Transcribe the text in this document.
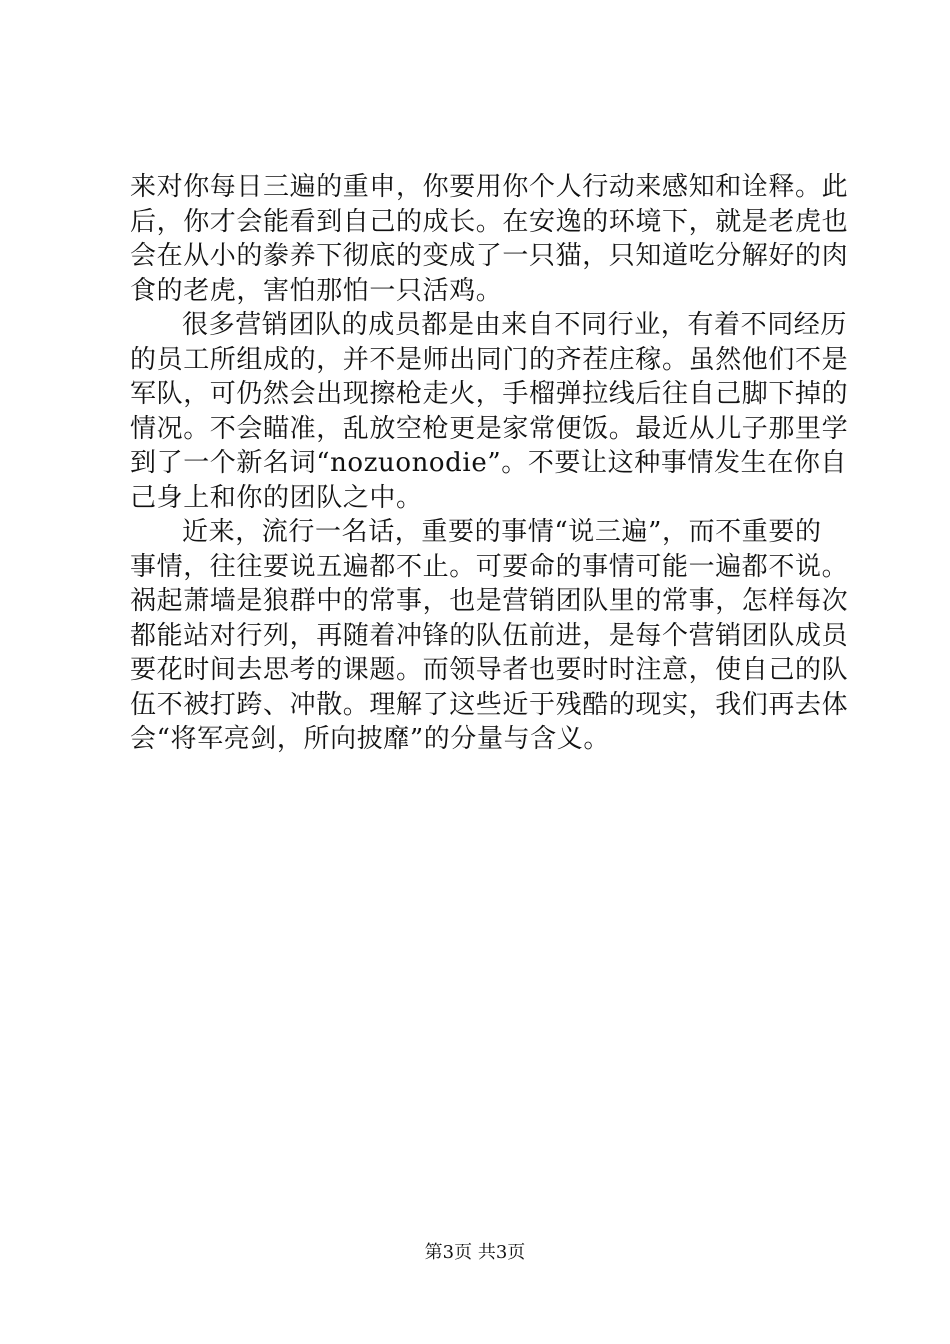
来对你每日三遍的重申，你要用你个人行动来感知和诠释。此
后，你才会能看到自己的成长。在安逸的环境下，就是老虎也
会在从小的豢养下彻底的变成了一只猫，只知道吃分解好的肉
食的老虎，害怕那怕一只活鸡。
很多营销团队的成员都是由来自不同行业，有着不同经历
的员工所组成的，并不是师出同门的齐茬庄稼。虽然他们不是
军队，可仍然会出现擦枪走火，手榴弹拉线后往自己脚下掉的
情况。不会瞄准，乱放空枪更是家常便饭。最近从儿子那里学
到了一个新名词“nozuonodie”。不要让这种事情发生在你自
己身上和你的团队之中。
近来，流行一名话，重要的事情“说三遍”，而不重要的
事情，往往要说五遍都不止。可要命的事情可能一遍都不说。
祸起萧墙是狼群中的常事，也是营销团队里的常事，怎样每次
都能站对行列，再随着冲锋的队伍前进，是每个营销团队成员
要花时间去思考的课题。而领导者也要时时注意，使自己的队
伍不被打跨、冲散。理解了这些近于残酷的现实，我们再去体
会“将军亮剑，所向披靡”的分量与含义。
第3页 共3页
